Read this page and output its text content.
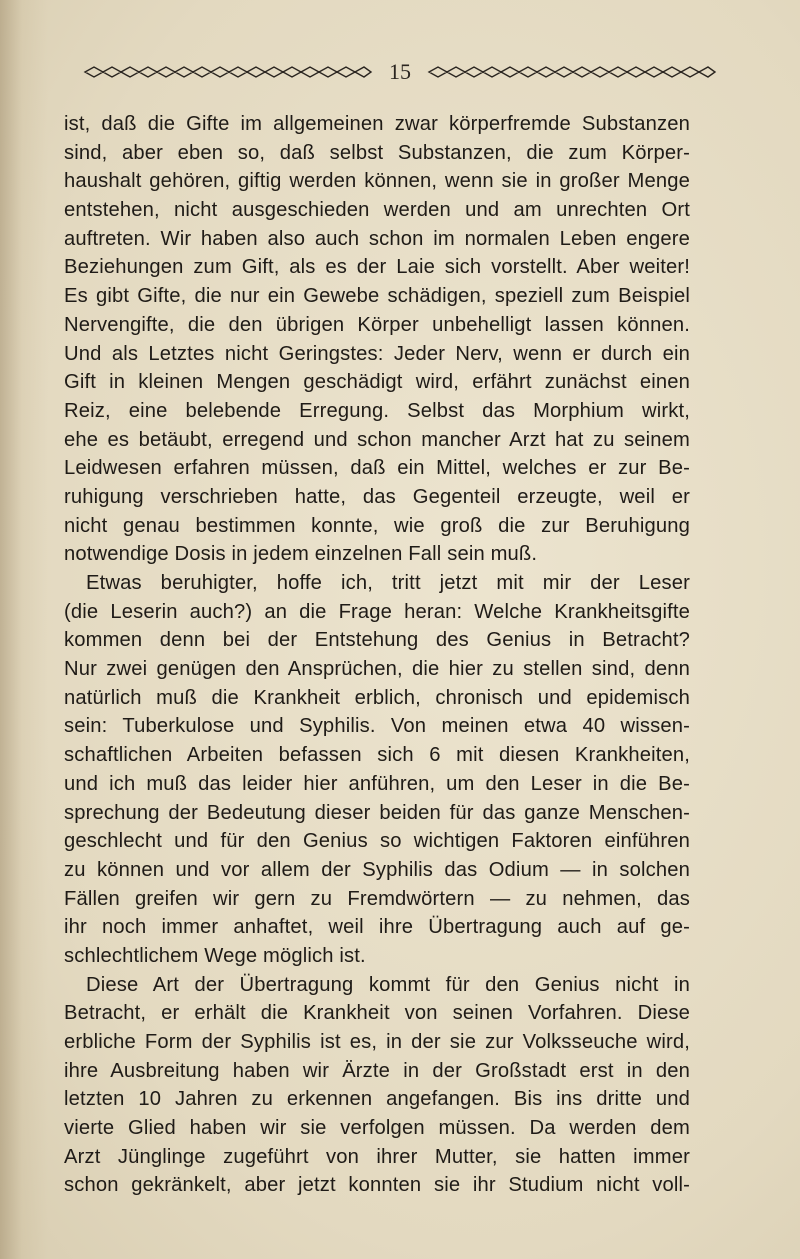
15
ist, daß die Gifte im allgemeinen zwar körperfremde Substanzen
sind, aber eben so, daß selbst Substanzen, die zum Körper-
haushalt gehören, giftig werden können, wenn sie in großer Menge
entstehen, nicht ausgeschieden werden und am unrechten Ort
auftreten. Wir haben also auch schon im normalen Leben engere
Beziehungen zum Gift, als es der Laie sich vorstellt. Aber weiter!
Es gibt Gifte, die nur ein Gewebe schädigen, speziell zum Beispiel
Nervengifte, die den übrigen Körper unbehelligt lassen können.
Und als Letztes nicht Geringstes: Jeder Nerv, wenn er durch ein
Gift in kleinen Mengen geschädigt wird, erfährt zunächst einen
Reiz, eine belebende Erregung. Selbst das Morphium wirkt,
ehe es betäubt, erregend und schon mancher Arzt hat zu seinem
Leidwesen erfahren müssen, daß ein Mittel, welches er zur Be-
ruhigung verschrieben hatte, das Gegenteil erzeugte, weil er
nicht genau bestimmen konnte, wie groß die zur Beruhigung
notwendige Dosis in jedem einzelnen Fall sein muß.
Etwas beruhigter, hoffe ich, tritt jetzt mit mir der Leser
(die Leserin auch?) an die Frage heran: Welche Krankheitsgifte
kommen denn bei der Entstehung des Genius in Betracht?
Nur zwei genügen den Ansprüchen, die hier zu stellen sind, denn
natürlich muß die Krankheit erblich, chronisch und epidemisch
sein: Tuberkulose und Syphilis. Von meinen etwa 40 wissen-
schaftlichen Arbeiten befassen sich 6 mit diesen Krankheiten,
und ich muß das leider hier anführen, um den Leser in die Be-
sprechung der Bedeutung dieser beiden für das ganze Menschen-
geschlecht und für den Genius so wichtigen Faktoren einführen
zu können und vor allem der Syphilis das Odium — in solchen
Fällen greifen wir gern zu Fremdwörtern — zu nehmen, das
ihr noch immer anhaftet, weil ihre Übertragung auch auf ge-
schlechtlichem Wege möglich ist.
Diese Art der Übertragung kommt für den Genius nicht in
Betracht, er erhält die Krankheit von seinen Vorfahren. Diese
erbliche Form der Syphilis ist es, in der sie zur Volksseuche wird,
ihre Ausbreitung haben wir Ärzte in der Großstadt erst in den
letzten 10 Jahren zu erkennen angefangen. Bis ins dritte und
vierte Glied haben wir sie verfolgen müssen. Da werden dem
Arzt Jünglinge zugeführt von ihrer Mutter, sie hatten immer
schon gekränkelt, aber jetzt konnten sie ihr Studium nicht voll-
